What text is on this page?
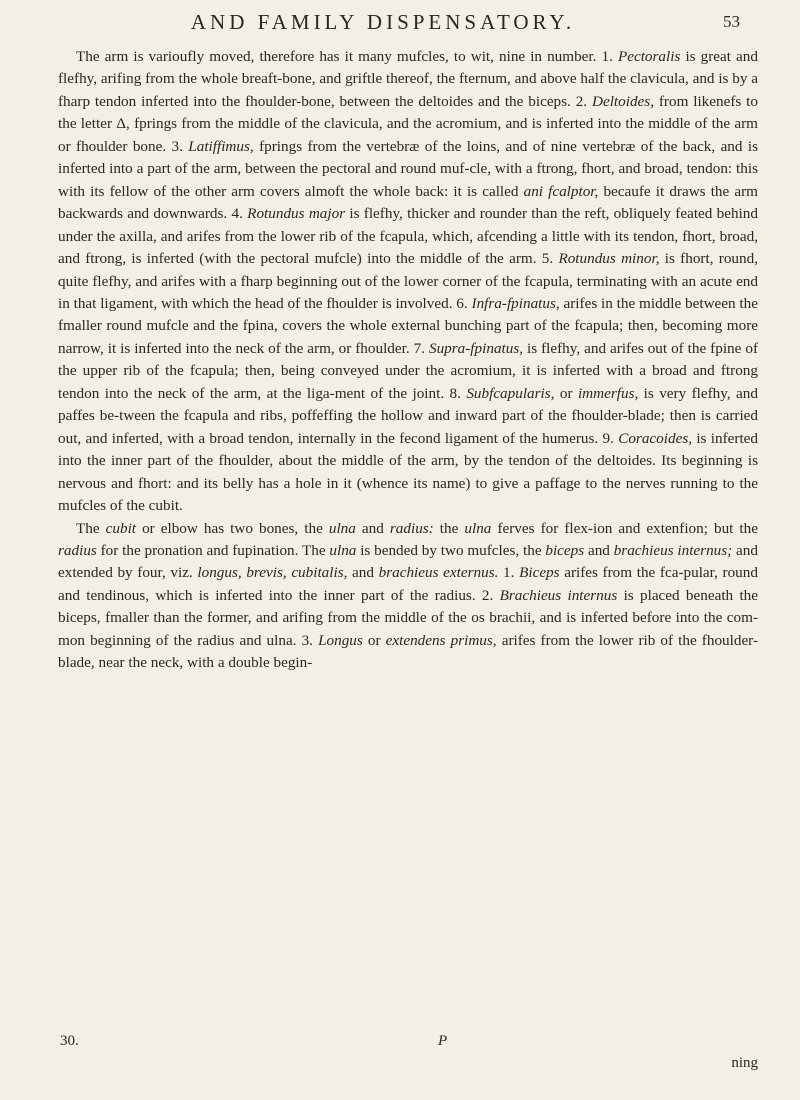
AND FAMILY DISPENSATORY.	53

The arm is varioufly moved, therefore has it many mufcles, to wit, nine in number. 1. Pectoralis is great and flefhy, arifing from the whole breaft-bone, and griftle thereof, the fternum, and above half the clavicula, and is by a fharp tendon inferted into the fhoulder-bone, between the deltoides and the biceps. 2. Deltoides, from likenefs to the letter Δ, fprings from the middle of the clavicula, and the acromium, and is inferted into the middle of the arm or fhoulder bone. 3. Latiffimus, fprings from the vertebræ of the loins, and of nine vertebræ of the back, and is inferted into a part of the arm, between the pectoral and round muf-cle, with a ftrong, fhort, and broad, tendon: this with its fellow of the other arm covers almoft the whole back: it is called ani fcalptor, becaufe it draws the arm backwards and downwards. 4. Rotundus major is flefhy, thicker and rounder than the reft, obliquely feated behind under the axilla, and arifes from the lower rib of the fcapula, which, afcending a little with its tendon, fhort, broad, and ftrong, is inferted (with the pectoral mufcle) into the middle of the arm. 5. Rotundus minor, is fhort, round, quite flefhy, and arifes with a fharp beginning out of the lower corner of the fcapula, terminating with an acute end in that ligament, with which the head of the fhoulder is involved. 6. Infra-fpinatus, arifes in the middle between the fmaller round mufcle and the fpina, covers the whole external bunching part of the fcapula; then, becoming more narrow, it is inferted into the neck of the arm, or fhoulder. 7. Supra-fpinatus, is flefhy, and arifes out of the fpine of the upper rib of the fcapula; then, being conveyed under the acromium, it is inferted with a broad and ftrong tendon into the neck of the arm, at the liga-ment of the joint. 8. Subfcapularis, or immerfus, is very flefhy, and paffes be-tween the fcapula and ribs, poffeffing the hollow and inward part of the fhoulder-blade; then is carried out, and inferted, with a broad tendon, internally in the fecond ligament of the humerus. 9. Coracoides, is inferted into the inner part of the fhoulder, about the middle of the arm, by the tendon of the deltoides. Its beginning is nervous and fhort: and its belly has a hole in it (whence its name) to give a paffage to the nerves running to the mufcles of the cubit.

The cubit or elbow has two bones, the ulna and radius: the ulna ferves for flex-ion and extenfion; but the radius for the pronation and fupination. The ulna is bended by two mufcles, the biceps and brachieus internus; and extended by four, viz. longus, brevis, cubitalis, and brachieus externus. 1. Biceps arifes from the fca-pular, round and tendinous, which is inferted into the inner part of the radius. 2. Brachieus internus is placed beneath the biceps, fmaller than the former, and arifing from the middle of the os brachii, and is inferted before into the com-mon beginning of the radius and ulna. 3. Longus or extendens primus, arifes from the lower rib of the fhoulder-blade, near the neck, with a double begin-

30.	P
ning
